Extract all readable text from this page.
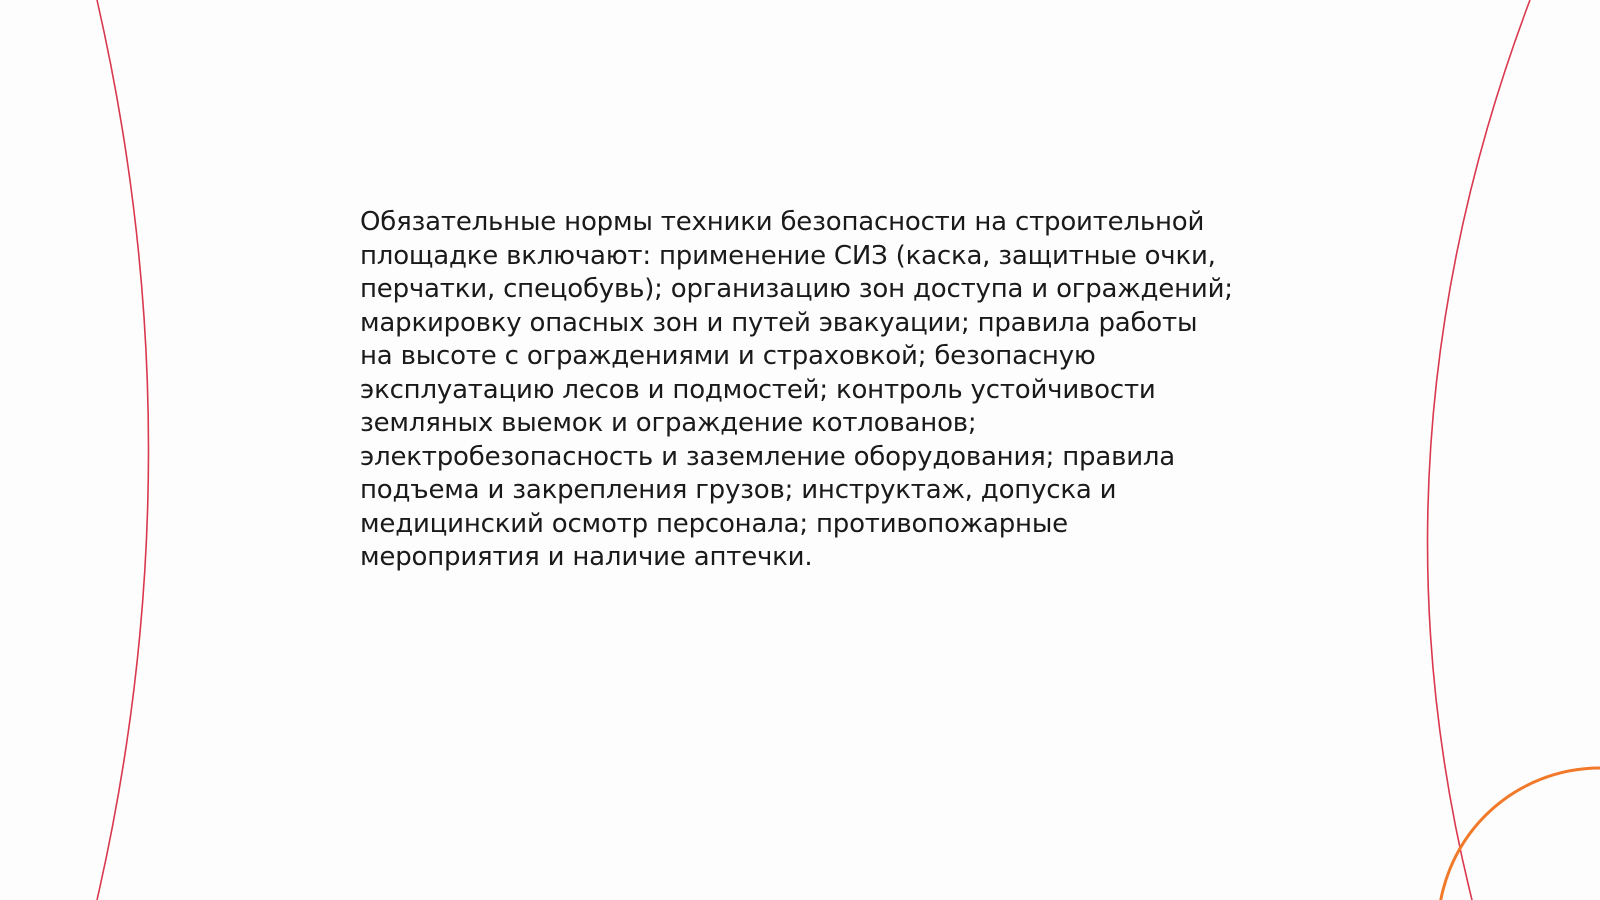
Обязательные нормы техники безопасности на строительной
площадке включают: применение СИЗ (каска, защитные очки,
перчатки, спецобувь); организацию зон доступа и ограждений;
маркировку опасных зон и путей эвакуации; правила работы
на высоте с ограждениями и страховкой; безопасную
эксплуатацию лесов и подмостей; контроль устойчивости
земляных выемок и ограждение котлованов;
электробезопасность и заземление оборудования; правила
подъема и закрепления грузов; инструктаж, допуска и
медицинский осмотр персонала; противопожарные
мероприятия и наличие аптечки.
